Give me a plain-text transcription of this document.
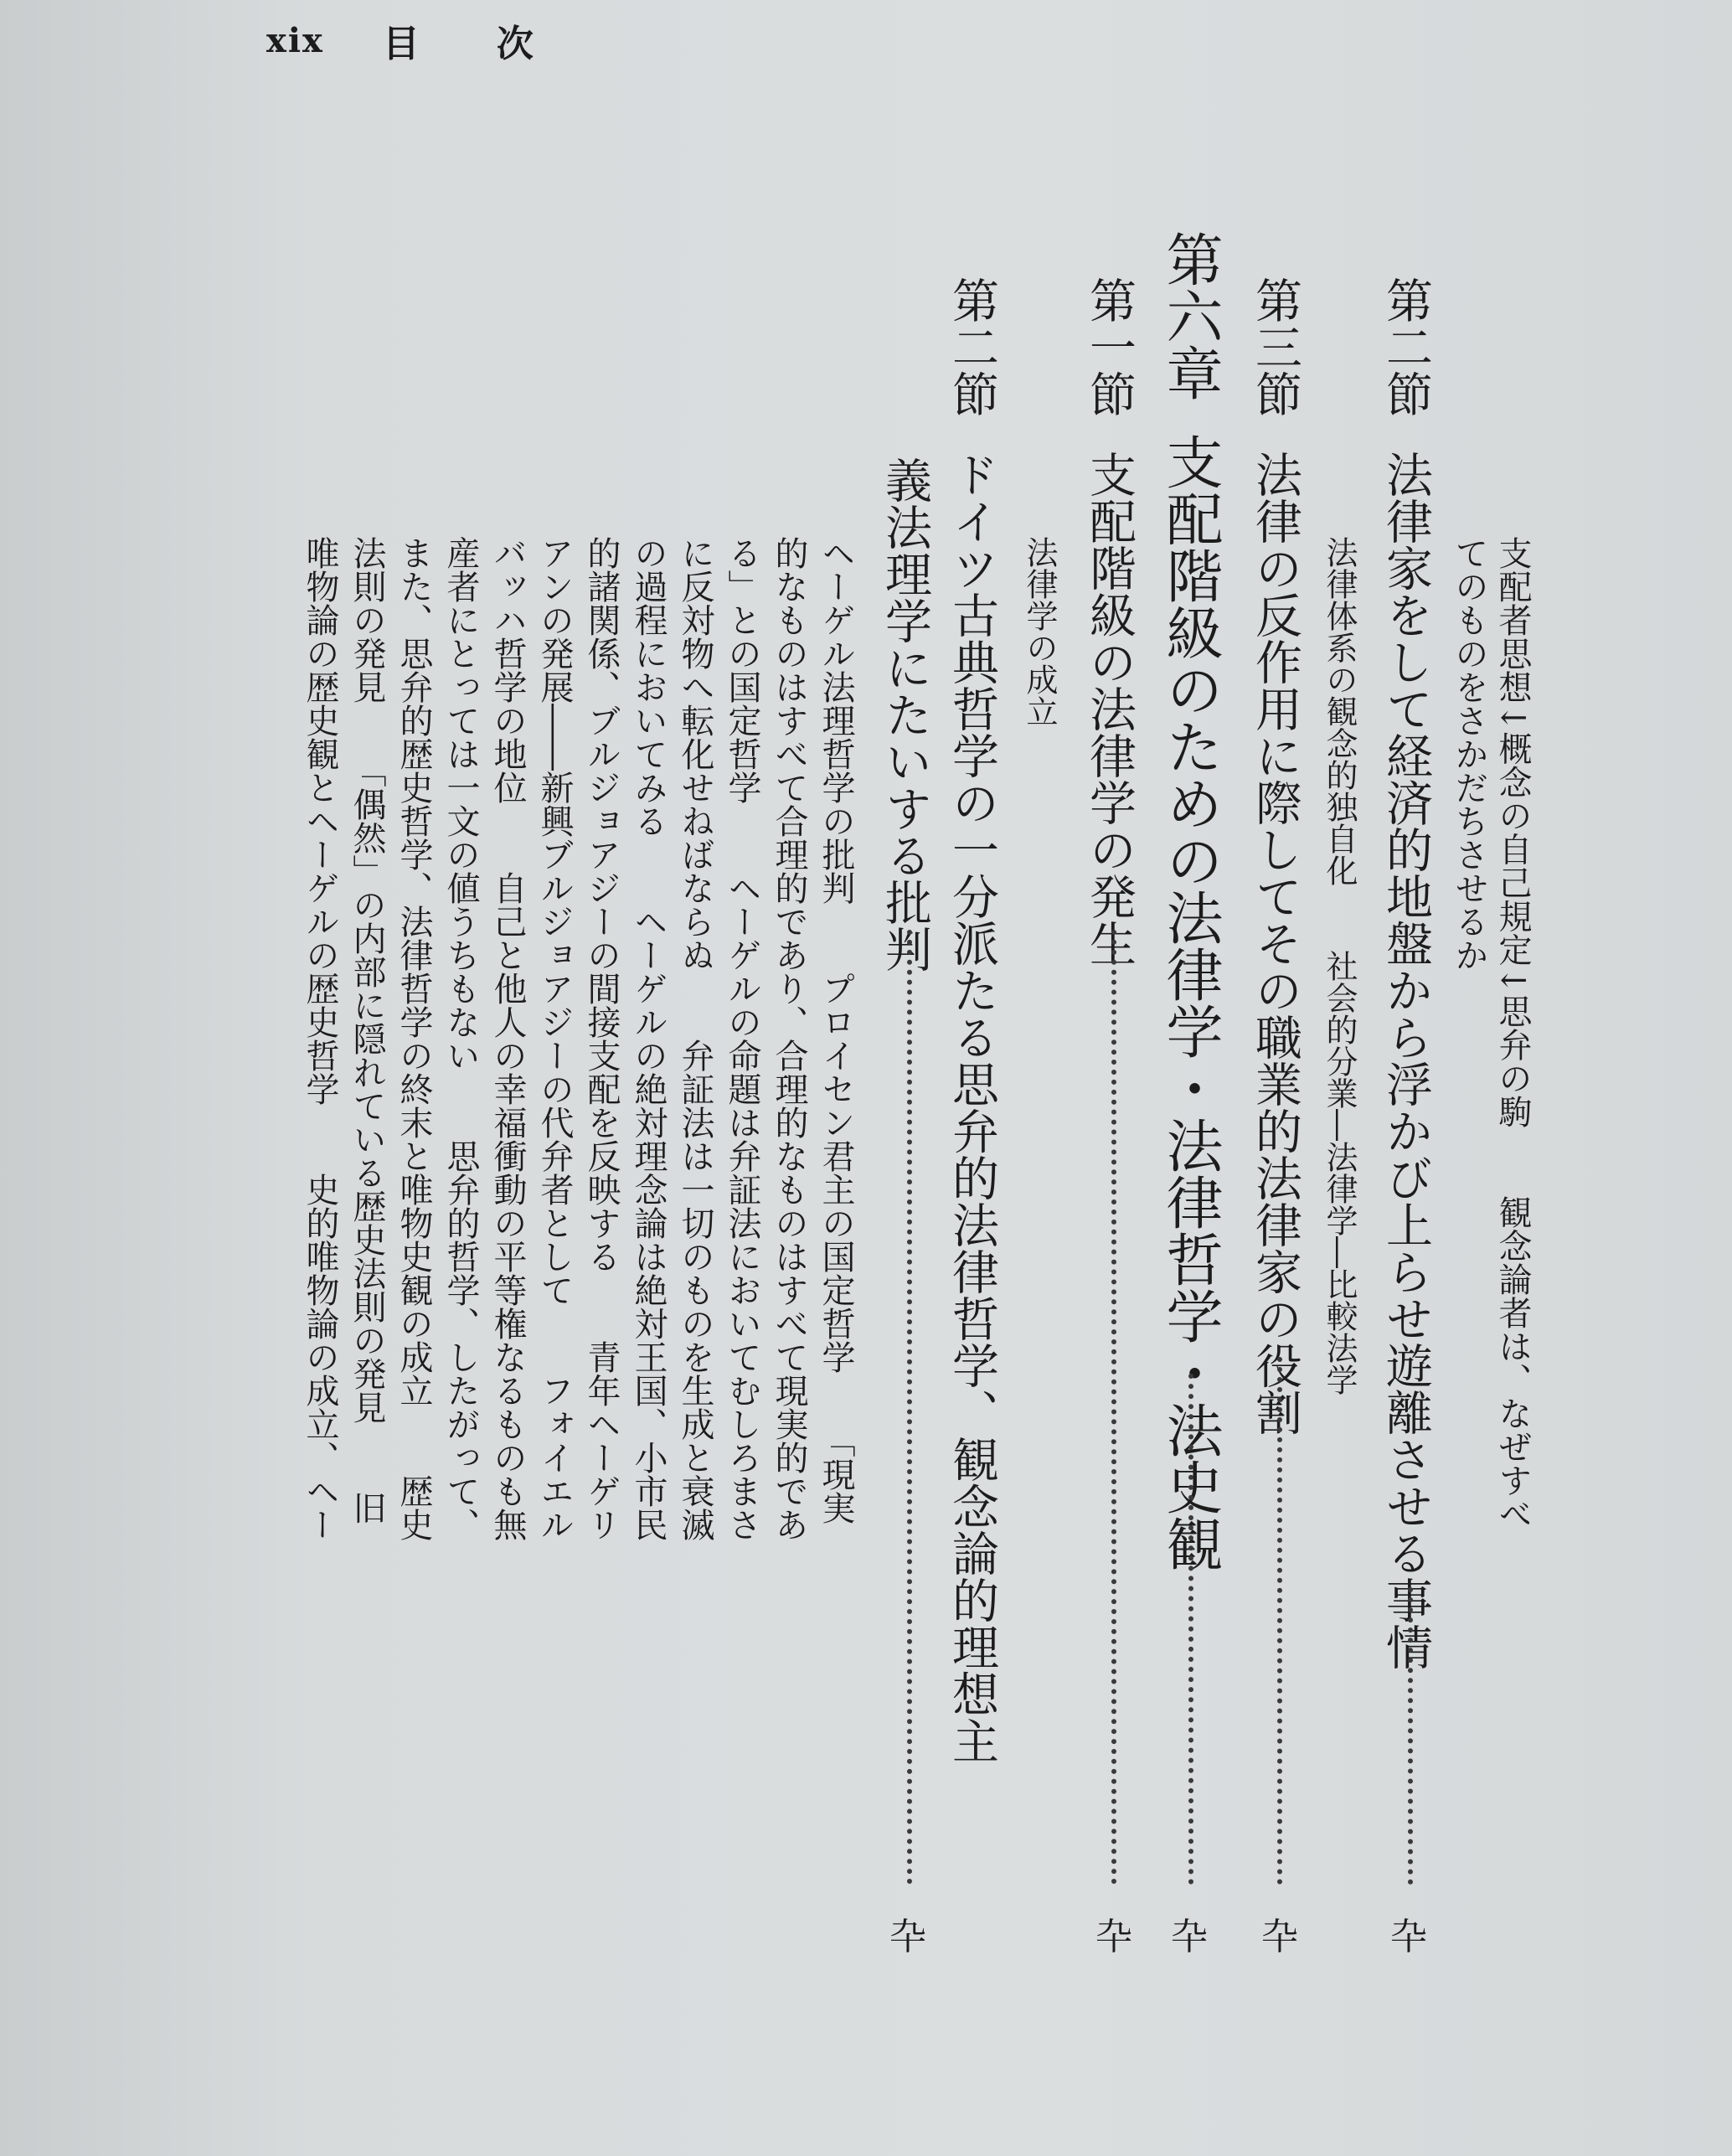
xix 目 次
支配者思想↓概念の自己規定↓思弁の駒　　観念論者は、なぜすべ
てのものをさかだちさせるか
第二節 法律家をして経済的地盤から浮かび上らせ遊離させる事情
卆
法律体系の観念的独自化　　社会的分業―法律学―比較法学
第三節 法律の反作用に際してその職業的法律家の役割
卆
第六章 支配階級のための法律学・法律哲学・法史観
卆
第一節 支配階級の法律学の発生
卆
法律学の成立
第二節 ドイツ古典哲学の一分派たる思弁的法律哲学、観念論的理想主
義法理学にたいする批判
卆
ヘーゲル法理哲学の批判　　プロイセン君主の国定哲学　　「現実
的なものはすべて合理的であり、合理的なものはすべて現実的であ
る」との国定哲学　　ヘーゲルの命題は弁証法においてむしろまさ
に反対物へ転化せねばならぬ　　弁証法は一切のものを生成と衰滅
の過程においてみる　　ヘーゲルの絶対理念論は絶対王国、小市民
的諸関係、ブルジョアジーの間接支配を反映する　　青年ヘーゲリ
アンの発展――新興ブルジョアジーの代弁者として　　フォイエル
バッハ哲学の地位　　自己と他人の幸福衝動の平等権なるものも無
産者にとっては一文の値うちもない　　思弁的哲学、したがって、
また、思弁的歴史哲学、法律哲学の終末と唯物史観の成立　　歴史
法則の発見　　「偶然」の内部に隠れている歴史法則の発見　　旧
唯物論の歴史観とヘーゲルの歴史哲学　　史的唯物論の成立、ヘー
